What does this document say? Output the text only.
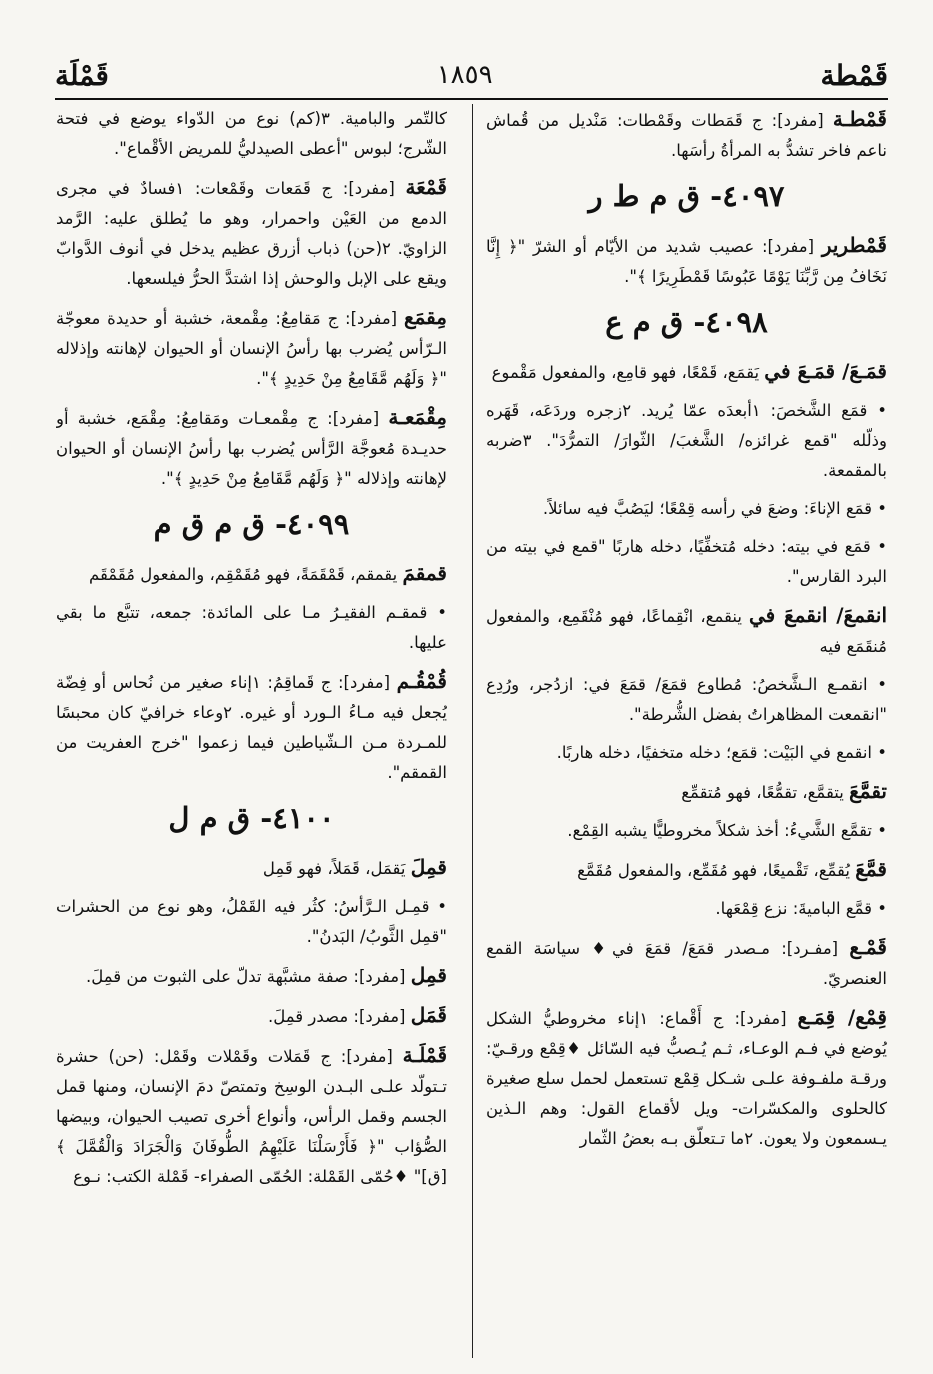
قَمْطة
١٨٥٩
قَمْلَة

قَمْطـة [مفرد]: ج قَمَطات وقَمْطات: مَنْديل من قُماش ناعم فاخر تشدُّ به المرأةُ رأسَها.

٤٠٩٧- ق م ط ر

قَمْطرير [مفرد]: عصيب شديد من الأيّام أو الشرّ "﴿ إِنَّا نَخَافُ مِن رَّبِّنَا يَوْمًا عَبُوسًا قَمْطَرِيرًا ﴾".

٤٠٩٨- ق م ع

قمَـعَ/ قمَـعَ في يَقمَع، قَمْعًا، فهو قامِع، والمفعول مَقْموع

• قمَع الشَّخصَ: ١أبعدَه عمّا يُريد. ٢زجره وردَعَه، قَهَره وذلّله "قمع غرائزه/ الشَّغبَ/ الثّوارَ/ التمرُّدَ". ٣ضربه بالمقمعة.

• قمَع الإناءَ: وضعَ في رأسه قِمْعًا؛ ليَصُبَّ فيه سائلاً.

• قمَع في بيته: دخله مُتخفِّيًا، دخله هاربًا "قمع في بيته من البرد القارس".

انقمعَ/ انقمعَ في ينقمع، انْقِماعًا، فهو مُنْقَمِع، والمفعول مُنقَمَع فيه

• انقمـع الـشَّخصُ: مُطاوع قمَعَ/ قمَعَ في: ازدُجر، ورُدِع "انقمعت المظاهراتُ بفضل الشُّرطة".

• انقمع في البَيْت: قمَع؛ دخله متخفيًا، دخله هاربًا.

تقمَّعَ يتقمَّع، تقمُّعًا، فهو مُتقمِّع

• تقمَّع الشَّيءُ: أخذ شكلاً مخروطيًّا يشبه القِمْع.

قمَّعَ يُقمِّع، تَقْميعًا، فهو مُقَمِّع، والمفعول مُقَمَّع

• قمَّع الباميةَ: نزع قِمْعَها.

قَمْـع [مفـرد]: مـصدر قمَعَ/ قمَعَ في♦ سياسَة القمع العنصريّ.

قِمْع/ قِمَـع [مفرد]: ج أَقْماع: ١إناء مخروطيُّ الشكل يُوضع في فـم الوعـاء، ثـم يُـصبُّ فيه السّائل ♦قِمْع ورقـيّ: ورقـة ملفـوفة علـى شـكل قِمْع تستعمل لحمل سلع صغيرة كالحلوى والمكسّرات- ويل لأقماع القول: وهم الـذين يـسمعون ولا يعون. ٢ما تـتعلّق بـه بعضُ الثّمار

كالتّمر والبامية. ٣(كم) نوع من الدّواء يوضع في فتحة الشّرج؛ لبوس "أعطى الصيدليُّ للمريض الأقْماع".

قَمْعَة [مفرد]: ج قَمَعات وقَمْعات: ١فسادٌ في مجرى الدمع من العَيْن واحمرار، وهو ما يُطلق عليه: الرَّمد الزاويّ. ٢(حن) ذباب أزرق عظيم يدخل في أنوف الدَّوابّ ويقع على الإبل والوحش إذا اشتدَّ الحرُّ فيلسعها.

مِقمَع [مفرد]: ج مَقامِعُ: مِقْمعة، خشبة أو حديدة معوجّة الـرّأس يُضرب بها رأسُ الإنسان أو الحيوان لإهانته وإذلاله "﴿ وَلَهُم مَّقَامِعُ مِنْ حَدِيدٍ ﴾".

مِقْمَعـة [مفرد]: ج مِقْمعـات ومَقامِعُ: مِقْمَع، خشبة أو حديـدة مُعوجَّة الرَّأس يُضرب بها رأسُ الإنسان أو الحيوان لإهانته وإذلاله "﴿ وَلَهُم مَّقَامِعُ مِنْ حَدِيدٍ ﴾".

٤٠٩٩- ق م ق م

قمقمَ يقمقم، قَمْقَمَةً، فهو مُقَمْقِم، والمفعول مُقَمْقَم

• قمقـم الفقيـرُ مـا على المائدة: جمعه، تتبَّع ما بقي عليها.

قُمْقُـم [مفرد]: ج قَماقِمُ: ١إناء صغير من نُحاس أو فِضّة يُجعل فيه مـاءُ الـورد أو غيره. ٢وعاء خرافيّ كان محبسًا للمـردة مـن الـشّياطين فيما زعموا "خرج العفريت من القمقم".

٤١٠٠- ق م ل

قمِلَ يَقمَل، قَمَلاً، فهو قَمِل

• قمِـل الـرَّأسُ: كثُر فيه القَمْلُ، وهو نوع من الحشرات "قمِل الثَّوبُ/ البَدنُ".

قمِل [مفرد]: صفة مشبَّهة تدلّ على الثبوت من قمِلَ.

قَمَل [مفرد]: مصدر قمِلَ.

قَمْلَـة [مفرد]: ج قَمَلات وقَمْلات وقَمْل: (حن) حشرة تـتولّد علـى البـدن الوسِخ وتمتصّ دمَ الإنسان، ومنها قمل الجسم وقمل الرأس، وأنواع أخرى تصيب الحيوان، وبيضها الصُّؤاب "﴿ فَأَرْسَلْنَا عَلَيْهِمُ الطُّوفَانَ وَالْجَرَادَ وَالْقُمَّلَ ﴾ [ق]" ♦حُمّى القَمْلة: الحُمّى الصفراء- قَمْلة الكتب: نـوع
